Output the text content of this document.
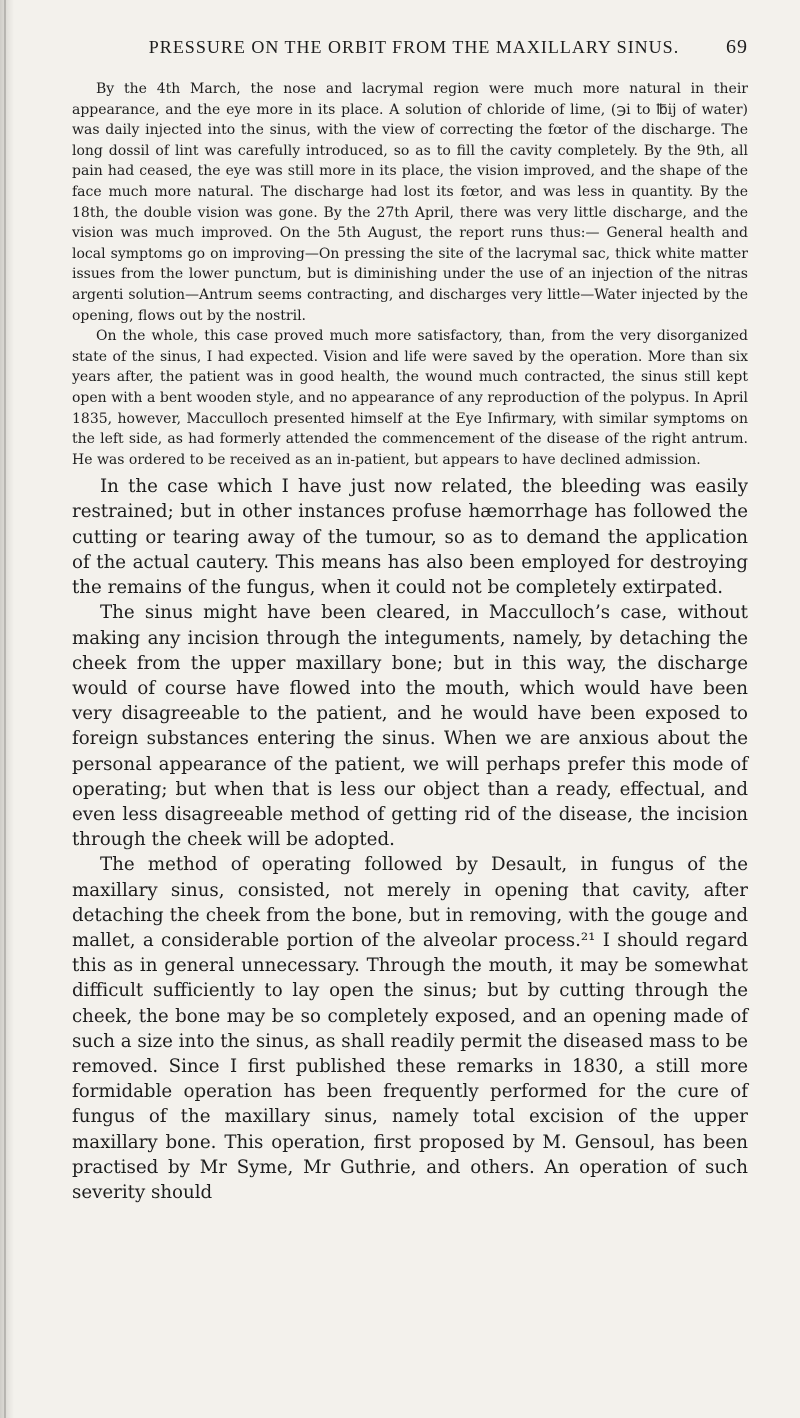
PRESSURE ON THE ORBIT FROM THE MAXILLARY SINUS.	69

By the 4th March, the nose and lacrymal region were much more natural in their appearance, and the eye more in its place. A solution of chloride of lime, (℈i to ℔ij of water) was daily injected into the sinus, with the view of correcting the fœtor of the discharge. The long dossil of lint was carefully introduced, so as to fill the cavity completely. By the 9th, all pain had ceased, the eye was still more in its place, the vision improved, and the shape of the face much more natural. The discharge had lost its fœtor, and was less in quantity. By the 18th, the double vision was gone. By the 27th April, there was very little discharge, and the vision was much improved. On the 5th August, the report runs thus:— General health and local symptoms go on improving—On pressing the site of the lacrymal sac, thick white matter issues from the lower punctum, but is diminishing under the use of an injection of the nitras argenti solution—Antrum seems contracting, and discharges very little—Water injected by the opening, flows out by the nostril.

On the whole, this case proved much more satisfactory, than, from the very disorganized state of the sinus, I had expected. Vision and life were saved by the operation. More than six years after, the patient was in good health, the wound much contracted, the sinus still kept open with a bent wooden style, and no appearance of any reproduction of the polypus. In April 1835, however, Macculloch presented himself at the Eye Infirmary, with similar symptoms on the left side, as had formerly attended the commencement of the disease of the right antrum. He was ordered to be received as an in-patient, but appears to have declined admission.

In the case which I have just now related, the bleeding was easily restrained; but in other instances profuse hæmorrhage has followed the cutting or tearing away of the tumour, so as to demand the application of the actual cautery. This means has also been employed for destroying the remains of the fungus, when it could not be completely extirpated.

The sinus might have been cleared, in Macculloch’s case, without making any incision through the integuments, namely, by detaching the cheek from the upper maxillary bone; but in this way, the discharge would of course have flowed into the mouth, which would have been very disagreeable to the patient, and he would have been exposed to foreign substances entering the sinus. When we are anxious about the personal appearance of the patient, we will perhaps prefer this mode of operating; but when that is less our object than a ready, effectual, and even less disagreeable method of getting rid of the disease, the incision through the cheek will be adopted.

The method of operating followed by Desault, in fungus of the maxillary sinus, consisted, not merely in opening that cavity, after detaching the cheek from the bone, but in removing, with the gouge and mallet, a considerable portion of the alveolar process.²¹ I should regard this as in general unnecessary. Through the mouth, it may be somewhat difficult sufficiently to lay open the sinus; but by cutting through the cheek, the bone may be so completely exposed, and an opening made of such a size into the sinus, as shall readily permit the diseased mass to be removed. Since I first published these remarks in 1830, a still more formidable operation has been frequently performed for the cure of fungus of the maxillary sinus, namely total excision of the upper maxillary bone. This operation, first proposed by M. Gensoul, has been practised by Mr Syme, Mr Guthrie, and others. An operation of such severity should
